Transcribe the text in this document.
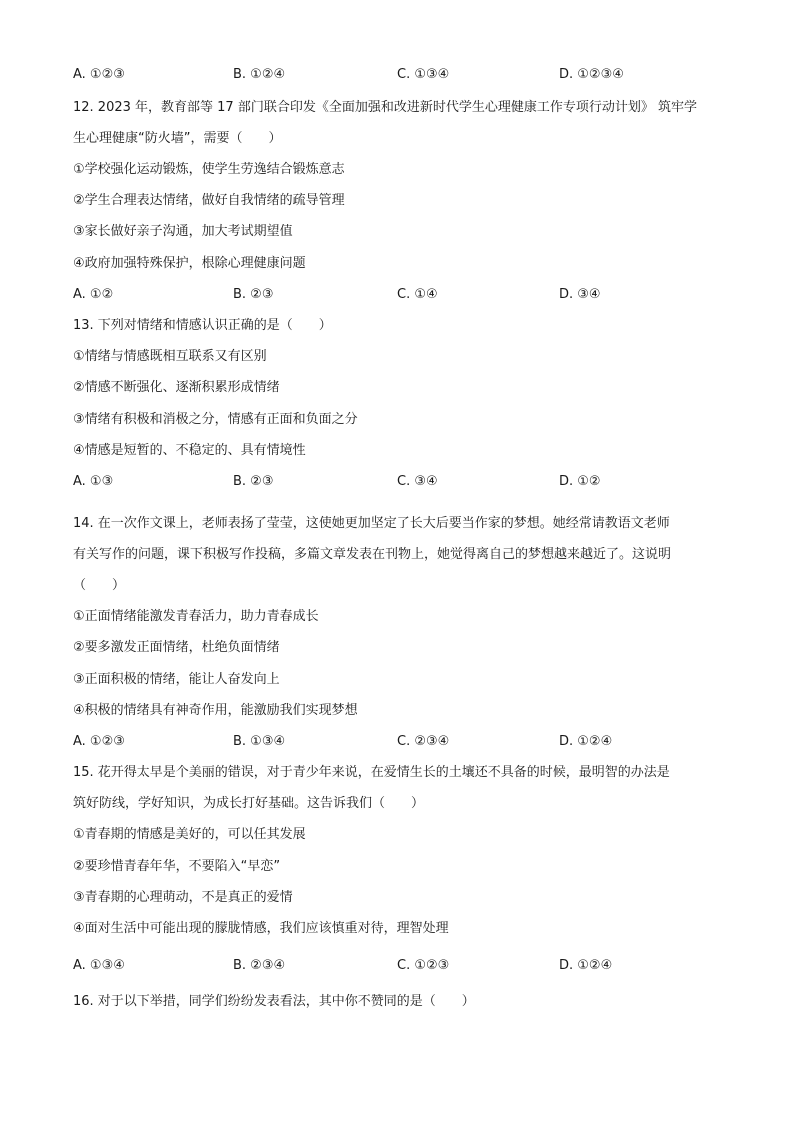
A. ①②③	B. ①②④	C. ①③④	D. ①②③④
12. 2023 年，教育部等 17 部门联合印发《全面加强和改进新时代学生心理健康工作专项行动计划》 筑牢学
生心理健康“防火墙”，需要（　　）
①学校强化运动锻炼，使学生劳逸结合锻炼意志
②学生合理表达情绪，做好自我情绪的疏导管理
③家长做好亲子沟通，加大考试期望值
④政府加强特殊保护，根除心理健康问题
A. ①②	B. ②③	C. ①④	D. ③④
13. 下列对情绪和情感认识正确的是（　　）
①情绪与情感既相互联系又有区别
②情感不断强化、逐渐积累形成情绪
③情绪有积极和消极之分，情感有正面和负面之分
④情感是短暂的、不稳定的、具有情境性
A. ①③	B. ②③	C. ③④	D. ①②
14. 在一次作文课上，老师表扬了莹莹，这使她更加坚定了长大后要当作家的梦想。她经常请教语文老师
有关写作的问题，课下积极写作投稿，多篇文章发表在刊物上，她觉得离自己的梦想越来越近了。这说明
（　　）
①正面情绪能激发青春活力，助力青春成长
②要多激发正面情绪，杜绝负面情绪
③正面积极的情绪，能让人奋发向上
④积极的情绪具有神奇作用，能激励我们实现梦想
A. ①②③	B. ①③④	C. ②③④	D. ①②④
15. 花开得太早是个美丽的错误，对于青少年来说，在爱情生长的土壤还不具备的时候，最明智的办法是
筑好防线，学好知识，为成长打好基础。这告诉我们（　　）
①青春期的情感是美好的，可以任其发展
②要珍惜青春年华，不要陷入“早恋”
③青春期的心理萌动，不是真正的爱情
④面对生活中可能出现的朦胧情感，我们应该慎重对待，理智处理
A. ①③④	B. ②③④	C. ①②③	D. ①②④
16. 对于以下举措，同学们纷纷发表看法，其中你不赞同的是（　　）
